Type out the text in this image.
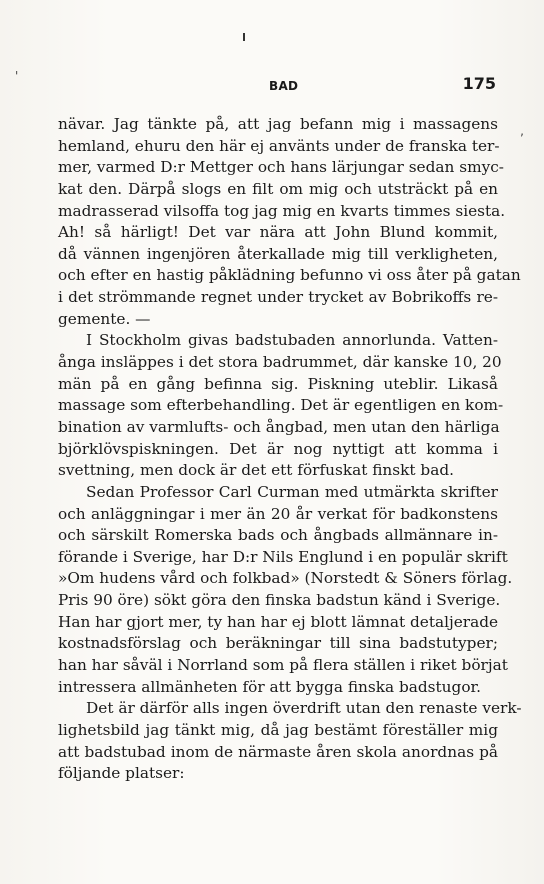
'
,
BAD	175
nävar. Jag tänkte på, att jag befann mig i massagens
hemland, ehuru den här ej använts under de franska ter-
mer, varmed D:r Mettger och hans lärjungar sedan smyc-
kat den. Därpå slogs en filt om mig och utsträckt på en
madrasserad vilsoffa tog jag mig en kvarts timmes siesta.
Ah! så härligt! Det var nära att John Blund kommit,
då vännen ingenjören återkallade mig till verkligheten,
och efter en hastig påklädning befunno vi oss åter på gatan
i det strömmande regnet under trycket av Bobrikoffs re-
gemente. —
I Stockholm givas badstubaden annorlunda. Vatten-
ånga insläppes i det stora badrummet, där kanske 10, 20
män på en gång befinna sig. Piskning uteblir. Likaså
massage som efterbehandling. Det är egentligen en kom-
bination av varmlufts- och ångbad, men utan den härliga
björklövspiskningen. Det är nog nyttigt att komma i
svettning, men dock är det ett förfuskat finskt bad.
Sedan Professor Carl Curman med utmärkta skrifter
och anläggningar i mer än 20 år verkat för badkonstens
och särskilt Romerska bads och ångbads allmännare in-
förande i Sverige, har D:r Nils Englund i en populär skrift
»Om hudens vård och folkbad» (Norstedt & Söners förlag.
Pris 90 öre) sökt göra den finska badstun känd i Sverige.
Han har gjort mer, ty han har ej blott lämnat detaljerade
kostnadsförslag och beräkningar till sina badstutyper;
han har såväl i Norrland som på flera ställen i riket börjat
intressera allmänheten för att bygga finska badstugor.
Det är därför alls ingen överdrift utan den renaste verk-
lighetsbild jag tänkt mig, då jag bestämt föreställer mig
att badstubad inom de närmaste åren skola anordnas på
följande platser:
